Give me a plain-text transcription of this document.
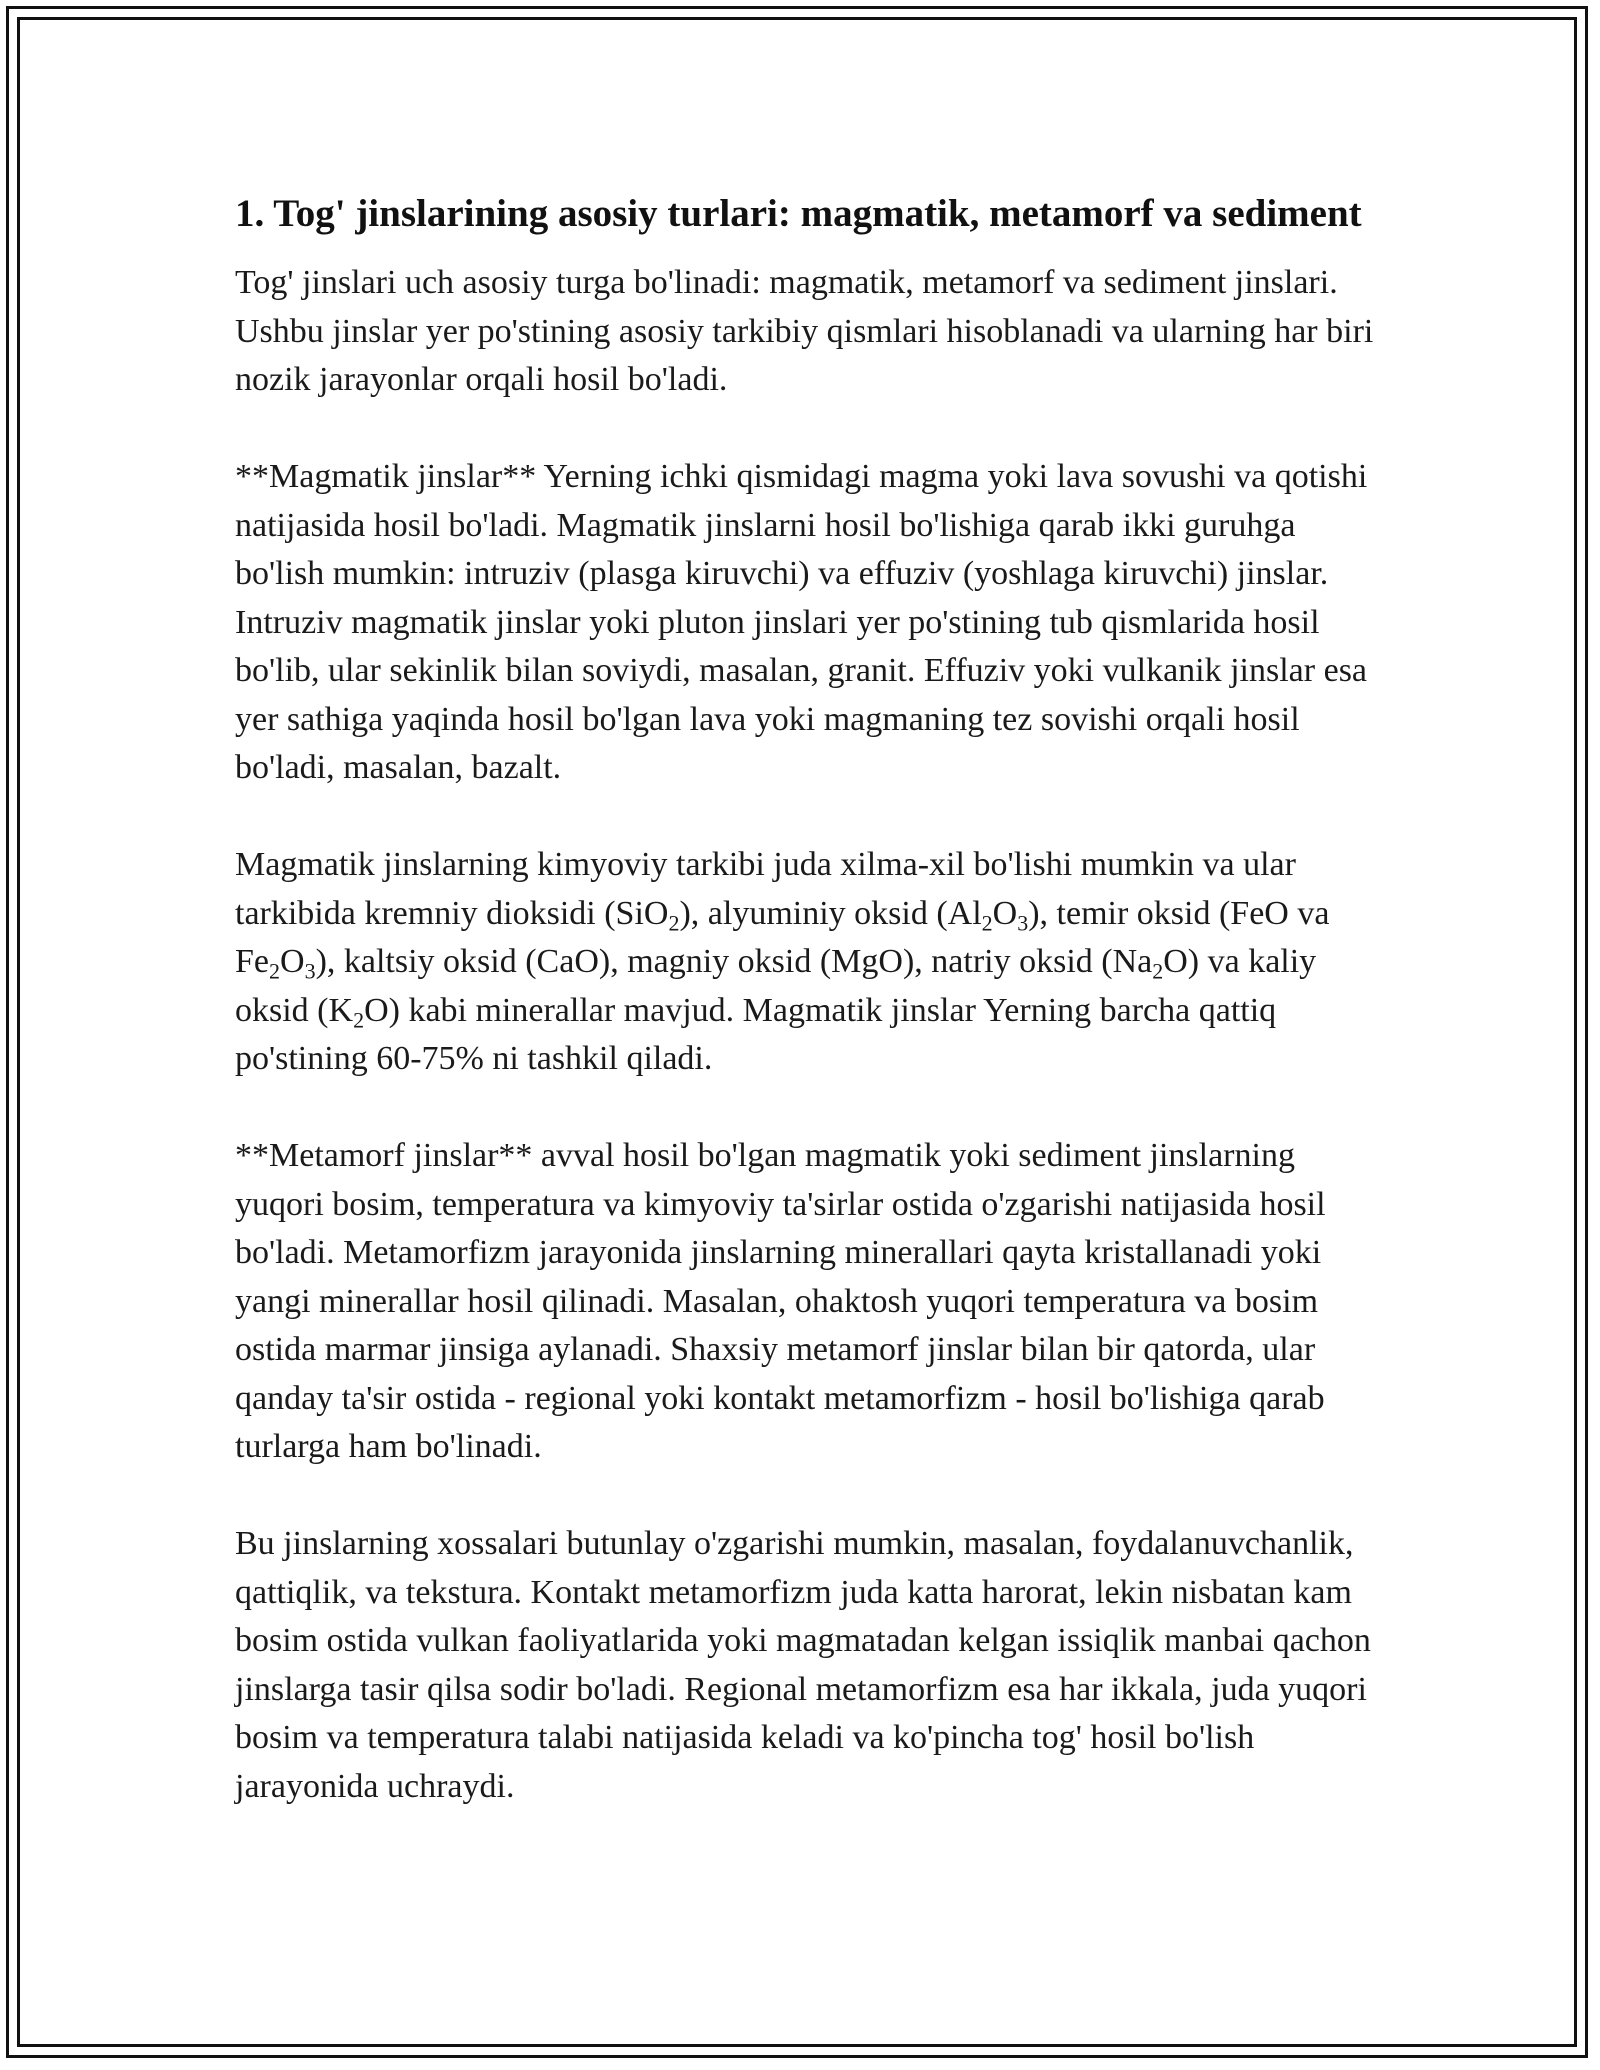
1. Tog' jinslarining asosiy turlari: magmatik, metamorf va sediment

Tog' jinslari uch asosiy turga bo'linadi: magmatik, metamorf va sediment jinslari. Ushbu jinslar yer po'stining asosiy tarkibiy qismlari hisoblanadi va ularning har biri nozik jarayonlar orqali hosil bo'ladi.

**Magmatik jinslar** Yerning ichki qismidagi magma yoki lava sovushi va qotishi natijasida hosil bo'ladi. Magmatik jinslarni hosil bo'lishiga qarab ikki guruhga bo'lish mumkin: intruziv (plasga kiruvchi) va effuziv (yoshlaga kiruvchi) jinslar. Intruziv magmatik jinslar yoki pluton jinslari yer po'stining tub qismlarida hosil bo'lib, ular sekinlik bilan soviydi, masalan, granit. Effuziv yoki vulkanik jinslar esa yer sathiga yaqinda hosil bo'lgan lava yoki magmaning tez sovishi orqali hosil bo'ladi, masalan, bazalt.

Magmatik jinslarning kimyoviy tarkibi juda xilma-xil bo'lishi mumkin va ular tarkibida kremniy dioksidi (SiO$_2$), alyuminiy oksid $(Al_2O_3)$, temir oksid (FeO va $Fe_2O_3$), kaltsiy oksid (CaO), magniy oksid (MgO), natriy oksid $(Na_2O)$ va kaliy oksid $(K_2O)$ kabi minerallar mavjud. Magmatik jinslar Yerning barcha qattiq po'stining 60-75% ni tashkil qiladi.

**Metamorf jinslar** avval hosil bo'lgan magmatik yoki sediment jinslarning yuqori bosim, temperatura va kimyoviy ta'sirlar ostida o'zgarishi natijasida hosil bo'ladi. Metamorfizm jarayonida jinslarning minerallari qayta kristallanadi yoki yangi minerallar hosil qilinadi. Masalan, ohaktosh yuqori temperatura va bosim ostida marmar jinsiga aylanadi. Shaxsiy metamorf jinslar bilan bir qatorda, ular qanday ta'sir ostida - regional yoki kontakt metamorfizm - hosil bo'lishiga qarab turlarga ham bo'linadi.

Bu jinslarning xossalari butunlay o'zgarishi mumkin, masalan, foydalanuvchanlik, qattiqlik, va tekstura. Kontakt metamorfizm juda katta harorat, lekin nisbatan kam bosim ostida vulkan faoliyatlarida yoki magmatadan kelgan issiqlik manbai qachon jinslarga tasir qilsa sodir bo'ladi. Regional metamorfizm esa har ikkala, juda yuqori bosim va temperatura talabi natijasida keladi va ko'pincha tog' hosil bo'lish jarayonida uchraydi.
